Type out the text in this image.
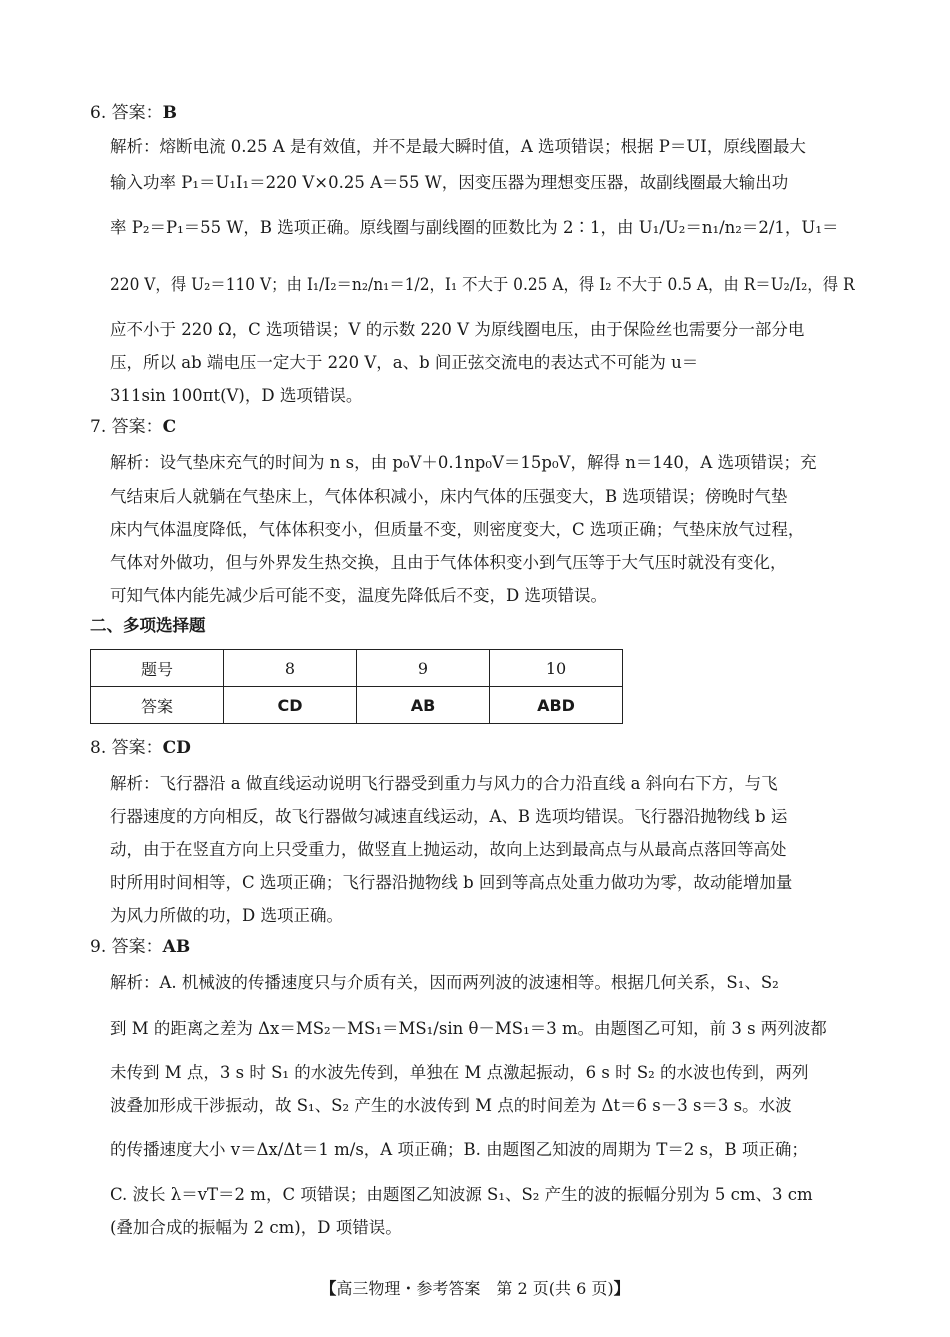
6. 答案：B
解析：熔断电流 0.25 A 是有效值，并不是最大瞬时值，A 选项错误；根据 P＝UI，原线圈最大
输入功率 P₁＝U₁I₁＝220 V×0.25 A＝55 W，因变压器为理想变压器，故副线圈最大输出功
率 P₂＝P₁＝55 W，B 选项正确。原线圈与副线圈的匝数比为 2∶1，由 U₁/U₂＝n₁/n₂＝2/1，U₁＝
220 V，得 U₂＝110 V；由 I₁/I₂＝n₂/n₁＝1/2，I₁ 不大于 0.25 A，得 I₂ 不大于 0.5 A，由 R＝U₂/I₂，得 R
应不小于 220 Ω，C 选项错误；V 的示数 220 V 为原线圈电压，由于保险丝也需要分一部分电
压，所以 ab 端电压一定大于 220 V，a、b 间正弦交流电的表达式不可能为 u＝
311sin 100πt(V)，D 选项错误。
7. 答案：C
解析：设气垫床充气的时间为 n s，由 p₀V＋0.1np₀V＝15p₀V，解得 n＝140，A 选项错误；充
气结束后人就躺在气垫床上，气体体积减小，床内气体的压强变大，B 选项错误；傍晚时气垫
床内气体温度降低，气体体积变小，但质量不变，则密度变大，C 选项正确；气垫床放气过程，
气体对外做功，但与外界发生热交换，且由于气体体积变小到气压等于大气压时就没有变化，
可知气体内能先减少后可能不变，温度先降低后不变，D 选项错误。
二、多项选择题
题号	8	9	10
答案	CD	AB	ABD
8. 答案：CD
解析：飞行器沿 a 做直线运动说明飞行器受到重力与风力的合力沿直线 a 斜向右下方，与飞
行器速度的方向相反，故飞行器做匀减速直线运动，A、B 选项均错误。飞行器沿抛物线 b 运
动，由于在竖直方向上只受重力，做竖直上抛运动，故向上达到最高点与从最高点落回等高处
时所用时间相等，C 选项正确；飞行器沿抛物线 b 回到等高点处重力做功为零，故动能增加量
为风力所做的功，D 选项正确。
9. 答案：AB
解析：A. 机械波的传播速度只与介质有关，因而两列波的波速相等。根据几何关系，S₁、S₂
到 M 的距离之差为 Δx＝MS₂－MS₁＝MS₁/sin θ－MS₁＝3 m。由题图乙可知，前 3 s 两列波都
未传到 M 点，3 s 时 S₁ 的水波先传到，单独在 M 点激起振动，6 s 时 S₂ 的水波也传到，两列
波叠加形成干涉振动，故 S₁、S₂ 产生的水波传到 M 点的时间差为 Δt＝6 s－3 s＝3 s。水波
的传播速度大小 v＝Δx/Δt＝1 m/s，A 项正确；B. 由题图乙知波的周期为 T＝2 s，B 项正确；
C. 波长 λ＝vT＝2 m，C 项错误；由题图乙知波源 S₁、S₂ 产生的波的振幅分别为 5 cm、3 cm
(叠加合成的振幅为 2 cm)，D 项错误。
【高三物理・参考答案　第 2 页(共 6 页)】
